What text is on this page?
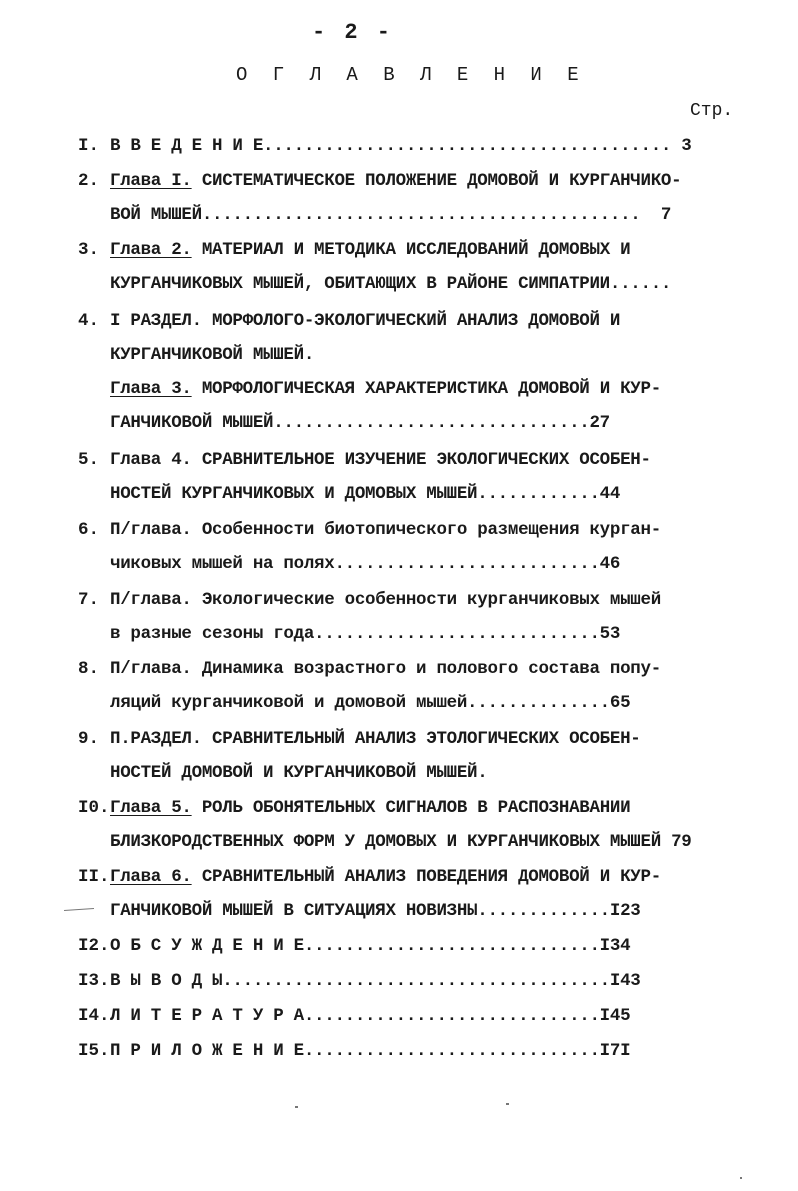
- 2 -
О Г Л А В Л Е Н И Е
Стр.
I. В В Е Д Е Н И Е........................................ 3
2. Глава I. СИСТЕМАТИЧЕСКОЕ ПОЛОЖЕНИЕ ДОМОВОЙ И КУРГАНЧИКО-
ВОЙ МЫШЕЙ...........................................  7
3. Глава 2. МАТЕРИАЛ И МЕТОДИКА ИССЛЕДОВАНИЙ ДОМОВЫХ И
КУРГАНЧИКОВЫХ МЫШЕЙ, ОБИТАЮЩИХ В РАЙОНЕ СИМПАТРИИ......
4. I РАЗДЕЛ. МОРФОЛОГО-ЭКОЛОГИЧЕСКИЙ АНАЛИЗ ДОМОВОЙ И
КУРГАНЧИКОВОЙ МЫШЕЙ.
Глава 3. МОРФОЛОГИЧЕСКАЯ ХАРАКТЕРИСТИКА ДОМОВОЙ И КУР-
ГАНЧИКОВОЙ МЫШЕЙ...............................27
5. Глава 4. СРАВНИТЕЛЬНОЕ ИЗУЧЕНИЕ ЭКОЛОГИЧЕСКИХ ОСОБЕН-
НОСТЕЙ КУРГАНЧИКОВЫХ И ДОМОВЫХ МЫШЕЙ............44
6. П/глава. Особенности биотопического размещения курган-
чиковых мышей на полях..........................46
7. П/глава. Экологические особенности курганчиковых мышей
в разные сезоны года............................53
8. П/глава. Динамика возрастного и полового состава попу-
ляций курганчиковой и домовой мышей..............65
9. П.РАЗДЕЛ. СРАВНИТЕЛЬНЫЙ АНАЛИЗ ЭТОЛОГИЧЕСКИХ ОСОБЕН-
НОСТЕЙ ДОМОВОЙ И КУРГАНЧИКОВОЙ МЫШЕЙ.
I0. Глава 5. РОЛЬ ОБОНЯТЕЛЬНЫХ СИГНАЛОВ В РАСПОЗНАВАНИИ
БЛИЗКОРОДСТВЕННЫХ ФОРМ У ДОМОВЫХ И КУРГАНЧИКОВЫХ МЫШЕЙ 79
II. Глава 6. СРАВНИТЕЛЬНЫЙ АНАЛИЗ ПОВЕДЕНИЯ ДОМОВОЙ И КУР-
ГАНЧИКОВОЙ МЫШЕЙ В СИТУАЦИЯХ НОВИЗНЫ.............I23
I2. О Б С У Ж Д Е Н И Е.............................I34
I3. В Ы В О Д Ы......................................I43
I4. Л И Т Е Р А Т У Р А.............................I45
I5. П Р И Л О Ж Е Н И Е.............................I7I
